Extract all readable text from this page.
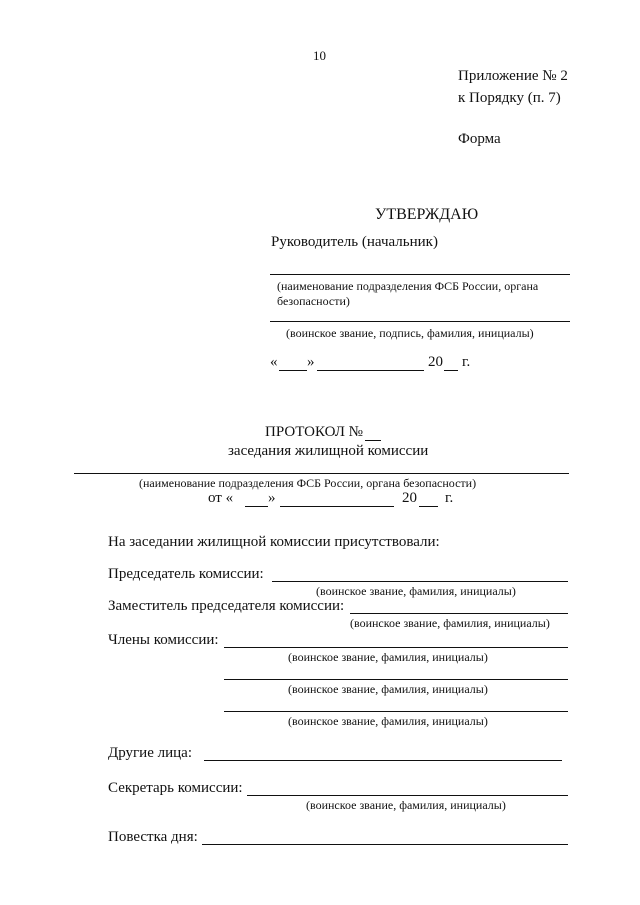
10
Приложение № 2
к Порядку (п. 7)
Форма
УТВЕРЖДАЮ
Руководитель (начальник)
(наименование подразделения ФСБ России, органа безопасности)
(воинское звание, подпись, фамилия, инициалы)
« »	20 г.
ПРОТОКОЛ №
заседания жилищной комиссии
(наименование подразделения ФСБ России, органа безопасности)
от « »	20 г.
На заседании жилищной комиссии присутствовали:
Председатель комиссии:
(воинское звание, фамилия, инициалы)
Заместитель председателя комиссии:
(воинское звание, фамилия, инициалы)
Члены комиссии:
(воинское звание, фамилия, инициалы)
(воинское звание, фамилия, инициалы)
(воинское звание, фамилия, инициалы)
Другие лица:
Секретарь комиссии:
(воинское звание, фамилия, инициалы)
Повестка дня:
